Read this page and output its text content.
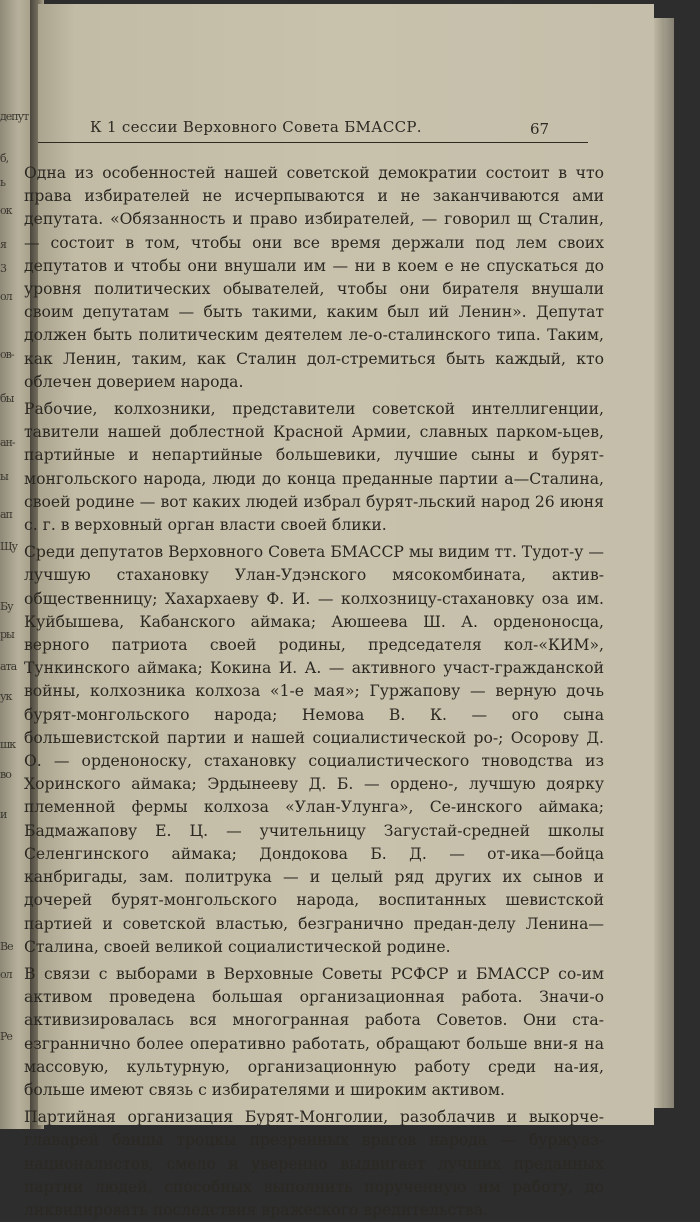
депут
б,
ь
ок
я
3
ол
ов-
бы
ан-
ы
ап
Щу
Бу
ры
ата
ук
шк
во
и
Ве
ол
Ре
К 1 сессии Верховного Совета БМАССР.	67

Одна из особенностей нашей советской демократии состоит в что права избирателей не исчерпываются и не заканчиваются ами депутата. «Обязанность и право избирателей, — говорил щ Сталин, — состоит в том, чтобы они все время держали под лем своих депутатов и чтобы они внушали им — ни в коем е не спускаться до уровня политических обывателей, чтобы они бирателя внушали своим депутатам — быть такими, каким был ий Ленин». Депутат должен быть политическим деятелем ле-о-сталинского типа. Таким, как Ленин, таким, как Сталин дол-стремиться быть каждый, кто облечен доверием народа.

Рабочие, колхозники, представители советской интеллигенции, тавители нашей доблестной Красной Армии, славных парком-ьцев, партийные и непартийные большевики, лучшие сыны и бурят-монгольского народа, люди до конца преданные партии а—Сталина, своей родине — вот каких людей избрал бурят-льский народ 26 июня с. г. в верховный орган власти своей блики.

Среди депутатов Верховного Совета БМАССР мы видим тт. Тудот-у — лучшую стахановку Улан-Удэнского мясокомбината, актив-общественницу; Хахархаеву Ф. И. — колхозницу-стахановку оза им. Куйбышева, Кабанского аймака; Аюшеева Ш. А. орденоносца, верного патриота своей родины, председателя кол-«КИМ», Тункинского аймака; Кокина И. А. — активного участ-гражданской войны, колхозника колхоза «1-е мая»; Гуржапову — верную дочь бурят-монгольского народа; Немова В. К. — ого сына большевистской партии и нашей социалистической ро-; Осорову Д. О. — орденоноску, стахановку социалистического тноводства из Хоринского аймака; Эрдынееву Д. Б. — ордено-, лучшую доярку племенной фермы колхоза «Улан-Улунга», Се-инского аймака; Бадмажапову Е. Ц. — учительницу Загустай-средней школы Селенгинского аймака; Дондокова Б. Д. — от-ика—бойца канбригады, зам. политрука — и целый ряд других их сынов и дочерей бурят-монгольского народа, воспитанных шевистской партией и советской властью, безгранично предан-делу Ленина—Сталина, своей великой социалистической родине.

В связи с выборами в Верховные Советы РСФСР и БМАССР со-им активом проведена большая организационная работа. Значи-о активизировалась вся многогранная работа Советов. Они ста-езграннично более оперативно работать, обращают больше вни-я на массовую, культурную, организационную работу среди на-ия, больше имеют связь с избирателями и широким активом.

Партийная организация Бурят-Монголии, разоблачив и выкорче-главарей банды троцкы презренных врагов народа — буржуаз-националистов, смело и уверенно выдвигает лучших преданных партии людей, способных выполнить порученную им работу, до ликвидировать последствия вражеского вредительства.
